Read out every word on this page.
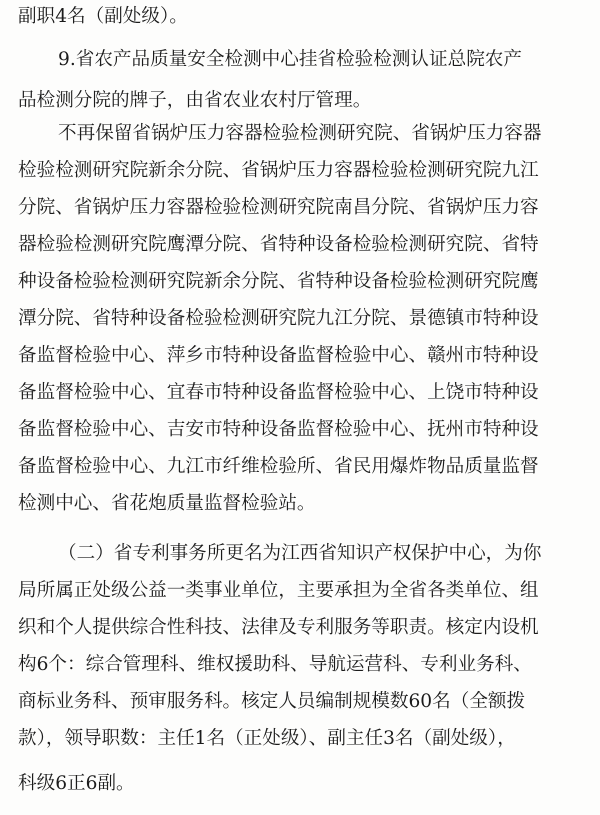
副职4名（副处级）。
9.省农产品质量安全检测中心挂省检验检测认证总院农产
品检测分院的牌子，由省农业农村厅管理。
不再保留省锅炉压力容器检验检测研究院、省锅炉压力容器
检验检测研究院新余分院、省锅炉压力容器检验检测研究院九江
分院、省锅炉压力容器检验检测研究院南昌分院、省锅炉压力容
器检验检测研究院鹰潭分院、省特种设备检验检测研究院、省特
种设备检验检测研究院新余分院、省特种设备检验检测研究院鹰
潭分院、省特种设备检验检测研究院九江分院、景德镇市特种设
备监督检验中心、萍乡市特种设备监督检验中心、赣州市特种设
备监督检验中心、宜春市特种设备监督检验中心、上饶市特种设
备监督检验中心、吉安市特种设备监督检验中心、抚州市特种设
备监督检验中心、九江市纤维检验所、省民用爆炸物品质量监督
检测中心、省花炮质量监督检验站。
（二）省专利事务所更名为江西省知识产权保护中心，为你
局所属正处级公益一类事业单位，主要承担为全省各类单位、组
织和个人提供综合性科技、法律及专利服务等职责。核定内设机
构6个：综合管理科、维权援助科、导航运营科、专利业务科、
商标业务科、预审服务科。核定人员编制规模数60名（全额拨
款），领导职数：主任1名（正处级）、副主任3名（副处级），
科级6正6副。
